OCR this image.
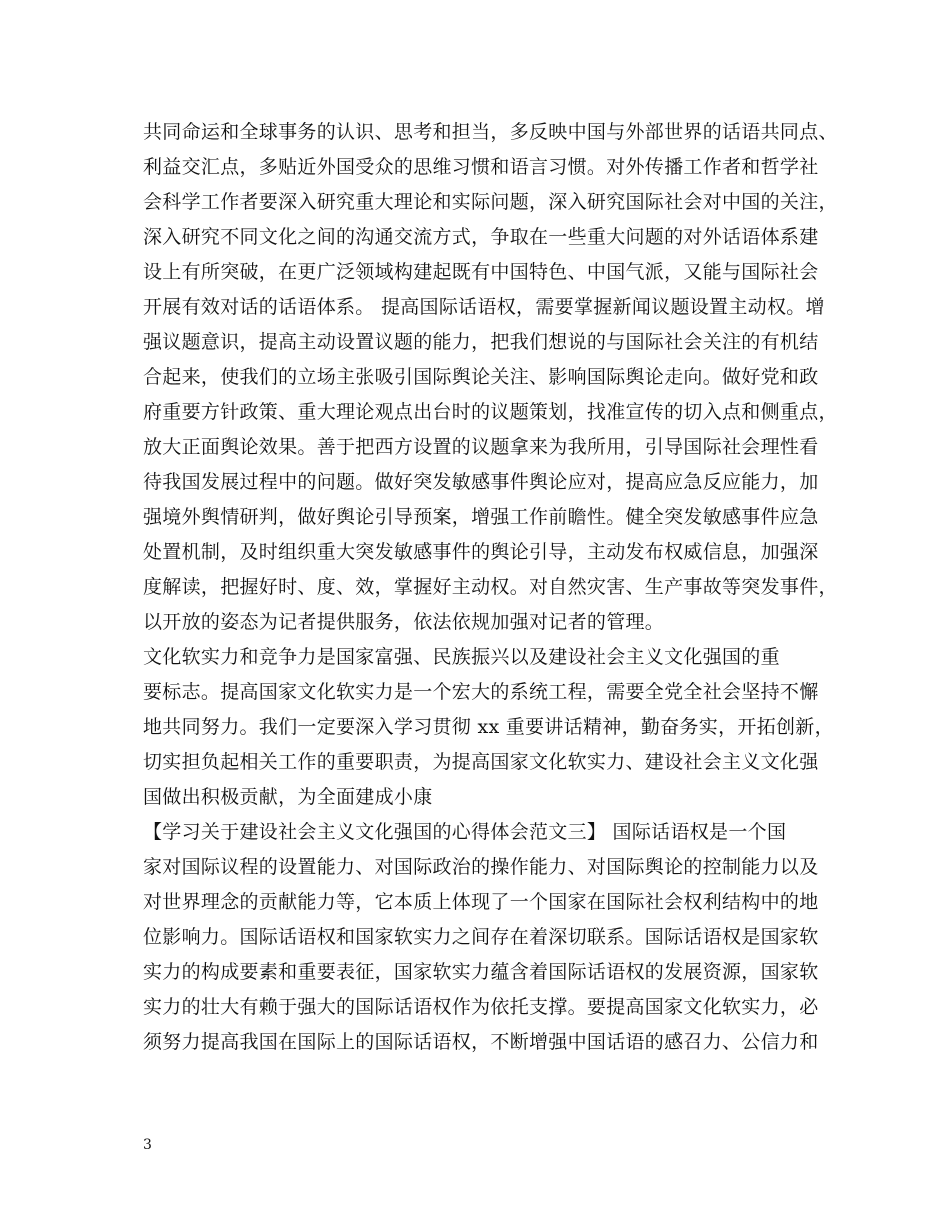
共同命运和全球事务的认识、思考和担当，多反映中国与外部世界的话语共同点、
利益交汇点，多贴近外国受众的思维习惯和语言习惯。对外传播工作者和哲学社
会科学工作者要深入研究重大理论和实际问题，深入研究国际社会对中国的关注，
深入研究不同文化之间的沟通交流方式，争取在一些重大问题的对外话语体系建
设上有所突破，在更广泛领域构建起既有中国特色、中国气派，又能与国际社会
开展有效对话的话语体系。 提高国际话语权，需要掌握新闻议题设置主动权。增
强议题意识，提高主动设置议题的能力，把我们想说的与国际社会关注的有机结
合起来，使我们的立场主张吸引国际舆论关注、影响国际舆论走向。做好党和政
府重要方针政策、重大理论观点出台时的议题策划，找准宣传的切入点和侧重点，
放大正面舆论效果。善于把西方设置的议题拿来为我所用，引导国际社会理性看
待我国发展过程中的问题。做好突发敏感事件舆论应对，提高应急反应能力，加
强境外舆情研判，做好舆论引导预案，增强工作前瞻性。健全突发敏感事件应急
处置机制，及时组织重大突发敏感事件的舆论引导，主动发布权威信息，加强深
度解读，把握好时、度、效，掌握好主动权。对自然灾害、生产事故等突发事件，
以开放的姿态为记者提供服务，依法依规加强对记者的管理。
文化软实力和竞争力是国家富强、民族振兴以及建设社会主义文化强国的重
要标志。提高国家文化软实力是一个宏大的系统工程，需要全党全社会坚持不懈
地共同努力。我们一定要深入学习贯彻 xx 重要讲话精神，勤奋务实，开拓创新，
切实担负起相关工作的重要职责，为提高国家文化软实力、建设社会主义文化强
国做出积极贡献，为全面建成小康
【学习关于建设社会主义文化强国的心得体会范文三】 国际话语权是一个国
家对国际议程的设置能力、对国际政治的操作能力、对国际舆论的控制能力以及
对世界理念的贡献能力等，它本质上体现了一个国家在国际社会权利结构中的地
位影响力。国际话语权和国家软实力之间存在着深切联系。国际话语权是国家软
实力的构成要素和重要表征，国家软实力蕴含着国际话语权的发展资源，国家软
实力的壮大有赖于强大的国际话语权作为依托支撑。要提高国家文化软实力，必
须努力提高我国在国际上的国际话语权，不断增强中国话语的感召力、公信力和
3
